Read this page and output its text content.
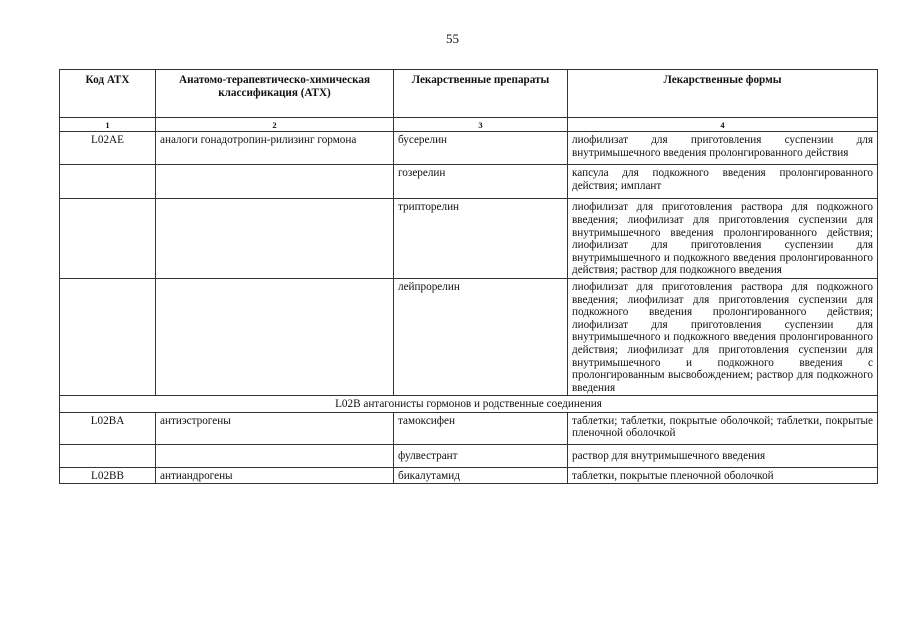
55
Код АТХ	Анатомо-терапевтическо-химическая классификация (АТХ)	Лекарственные препараты	Лекарственные формы
1	2	3	4
L02AE	аналоги гонадотропин-рилизинг гормона	бусерелин	лиофилизат для приготовления суспензии для внутримышечного введения пролонгированного действия
		гозерелин	капсула для подкожного введения пролонгированного действия; имплант
		трипторелин	лиофилизат для приготовления раствора для подкожного введения; лиофилизат для приготовления суспензии для внутримышечного введения пролонгированного действия; лиофилизат для приготовления суспензии для внутримышечного и подкожного введения пролонгированного действия; раствор для подкожного введения
		лейпрорелин	лиофилизат для приготовления раствора для подкожного введения; лиофилизат для приготовления суспензии для подкожного введения пролонгированного действия; лиофилизат для приготовления суспензии для внутримышечного и подкожного введения пролонгированного действия; лиофилизат для приготовления суспензии для внутримышечного и подкожного введения с пролонгированным высвобождением; раствор для подкожного введения
L02B антагонисты гормонов и родственные соединения			
L02BA	антиэстрогены	тамоксифен	таблетки; таблетки, покрытые оболочкой; таблетки, покрытые пленочной оболочкой
		фулвестрант	раствор для внутримышечного введения
L02BB	антиандрогены	бикалутамид	таблетки, покрытые пленочной оболочкой
